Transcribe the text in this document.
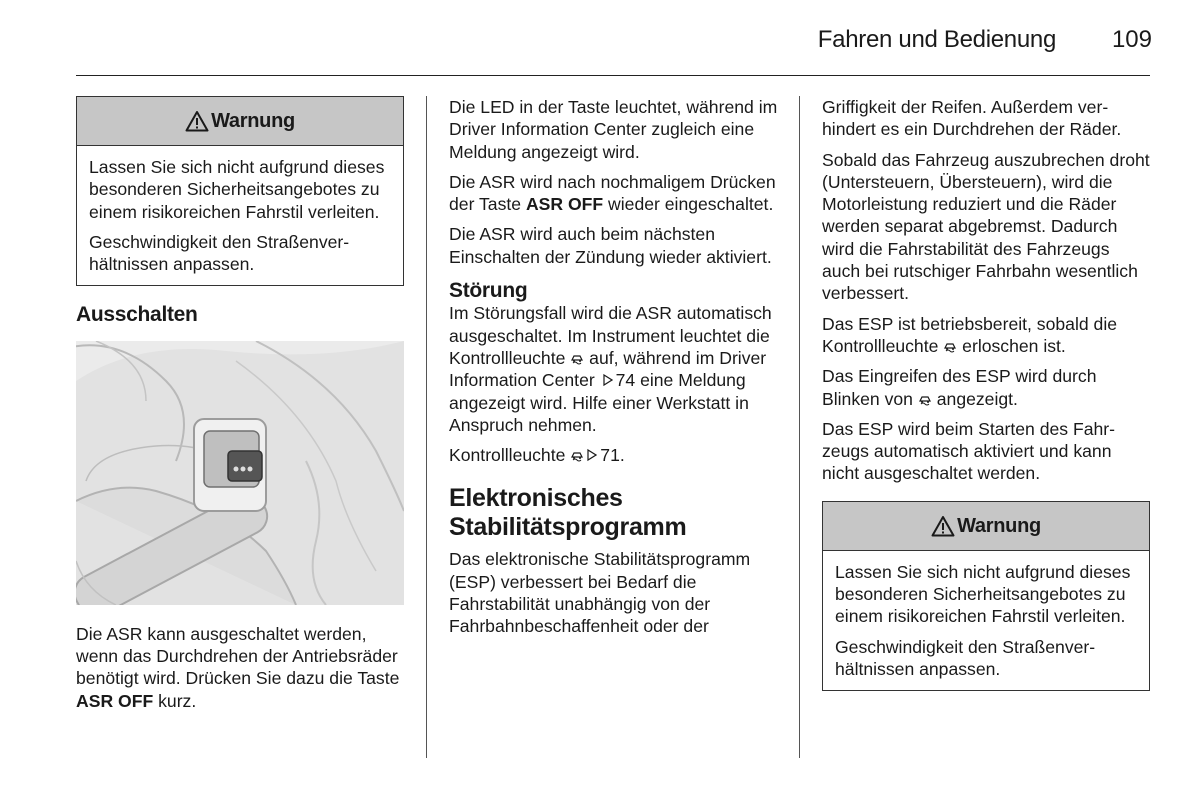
Fahren und Bedienung 109
Warnung

Lassen Sie sich nicht aufgrund dieses besonderen Sicherheitsangebotes zu einem risikoreichen Fahrstil verleiten.

Geschwindigkeit den Straßenverhältnissen anpassen.

Ausschalten

Die ASR kann ausgeschaltet werden, wenn das Durchdrehen der Antriebsräder benötigt wird. Drücken Sie dazu die Taste ASR OFF kurz.

Die LED in der Taste leuchtet, während im Driver Information Center zugleich eine Meldung angezeigt wird.

Die ASR wird nach nochmaligem Drücken der Taste ASR OFF wieder eingeschaltet.

Die ASR wird auch beim nächsten Einschalten der Zündung wieder aktiviert.

Störung

Im Störungsfall wird die ASR automatisch ausgeschaltet. Im Instrument leuchtet die Kontrollleuchte  auf, während im Driver Information Center 74 eine Meldung angezeigt wird. Hilfe einer Werkstatt in Anspruch nehmen.

Kontrollleuchte 71.

Elektronisches Stabilitätsprogramm

Das elektronische Stabilitätsprogramm (ESP) verbessert bei Bedarf die Fahrstabilität unabhängig von der Fahrbahnbeschaffenheit oder der

Griffigkeit der Reifen. Außerdem verhindert es ein Durchdrehen der Räder.

Sobald das Fahrzeug auszubrechen droht (Untersteuern, Übersteuern), wird die Motorleistung reduziert und die Räder werden separat abgebremst. Dadurch wird die Fahrstabilität des Fahrzeugs auch bei rutschiger Fahrbahn wesentlich verbessert.

Das ESP ist betriebsbereit, sobald die Kontrollleuchte  erloschen ist.

Das Eingreifen des ESP wird durch Blinken von  angezeigt.

Das ESP wird beim Starten des Fahrzeugs automatisch aktiviert und kann nicht ausgeschaltet werden.

Warnung

Lassen Sie sich nicht aufgrund dieses besonderen Sicherheitsangebotes zu einem risikoreichen Fahrstil verleiten.

Geschwindigkeit den Straßenverhältnissen anpassen.
